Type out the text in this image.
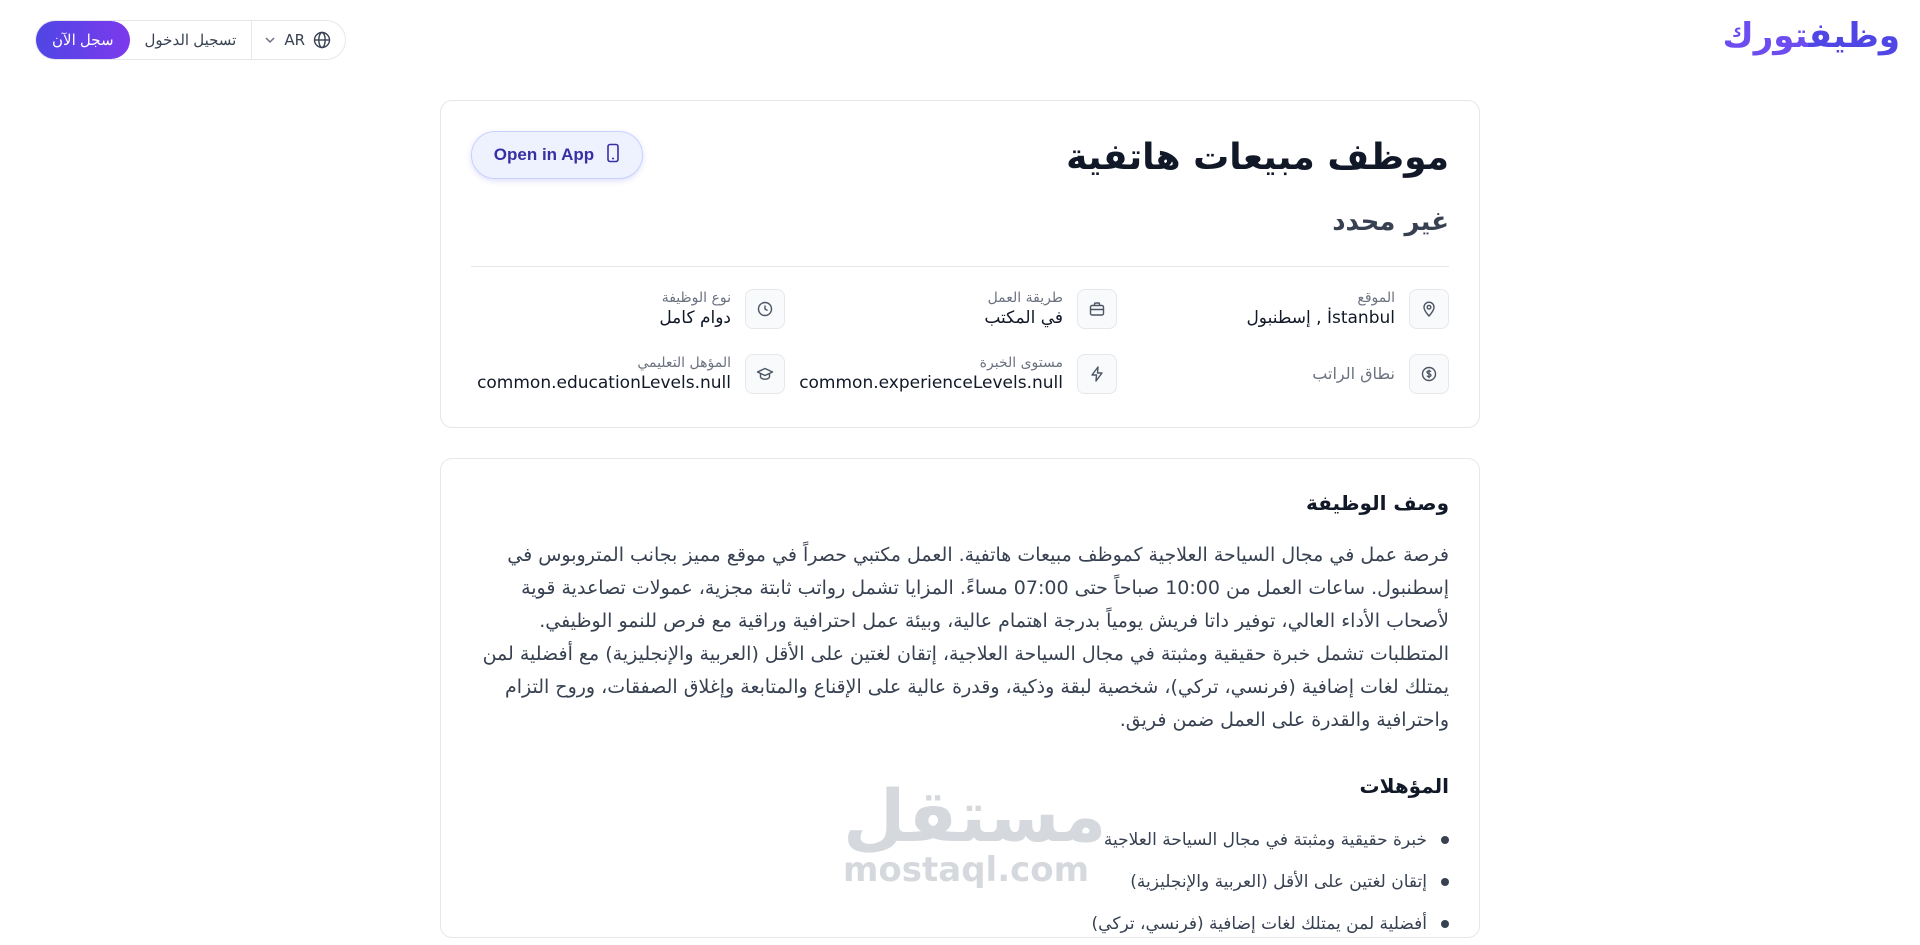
وظيفتورك
سجل الآن	تسجيل الدخول	AR
موظف مبيعات هاتفية
غير محدد
Open in App
الموقع
إسطنبول , İstanbul
طريقة العمل
في المكتب
نوع الوظيفة
دوام كامل
نطاق الراتب
مستوى الخبرة
common.experienceLevels.null
المؤهل التعليمي
common.educationLevels.null
وصف الوظيفة

فرصة عمل في مجال السياحة العلاجية كموظف مبيعات هاتفية. العمل مكتبي حصراً في موقع مميز بجانب المتروبوس في إسطنبول. ساعات العمل من 10:00 صباحاً حتى 07:00 مساءً. المزايا تشمل رواتب ثابتة مجزية، عمولات تصاعدية قوية لأصحاب الأداء العالي، توفير داتا فريش يومياً بدرجة اهتمام عالية، وبيئة عمل احترافية وراقية مع فرص للنمو الوظيفي. المتطلبات تشمل خبرة حقيقية ومثبتة في مجال السياحة العلاجية، إتقان لغتين على الأقل (العربية والإنجليزية) مع أفضلية لمن يمتلك لغات إضافية (فرنسي، تركي)، شخصية لبقة وذكية، وقدرة عالية على الإقناع والمتابعة وإغلاق الصفقات، وروح التزام واحترافية والقدرة على العمل ضمن فريق.

المؤهلات
خبرة حقيقية ومثبتة في مجال السياحة العلاجية
إتقان لغتين على الأقل (العربية والإنجليزية)
أفضلية لمن يمتلك لغات إضافية (فرنسي، تركي)
مستقل
mostaql.com
